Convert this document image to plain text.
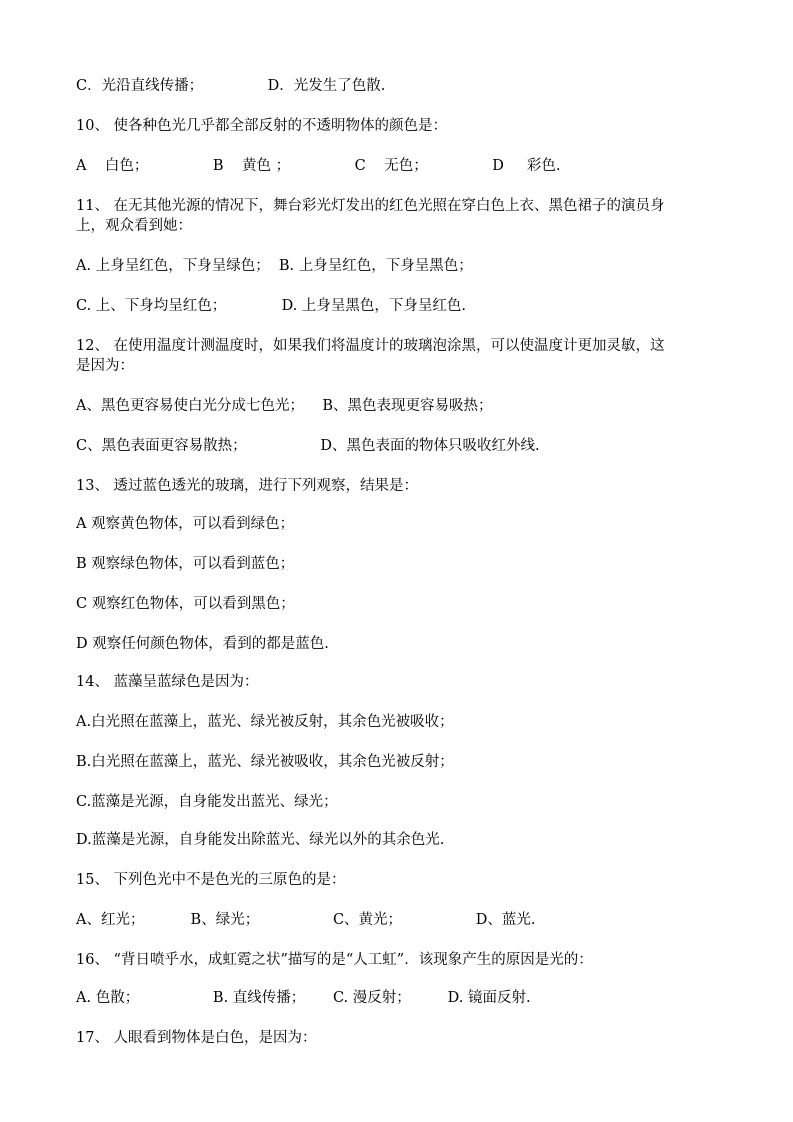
C．光沿直线传播；              D．光发生了色散.
10、 使各种色光几乎都全部反射的不透明物体的颜色是：
A    白色；              B    黄色 ；              C    无色；              D     彩色.
11、 在无其他光源的情况下，舞台彩光灯发出的红色光照在穿白色上衣、黑色裙子的演员身
上，观众看到她：
A. 上身呈红色，下身呈绿色；  B. 上身呈红色，下身呈黑色；
C. 上、下身均呈红色；            D. 上身呈黑色，下身呈红色.
12、 在使用温度计测温度时，如果我们将温度计的玻璃泡涂黑，可以使温度计更加灵敏，这
是因为：
A、黑色更容易使白光分成七色光；    B、黑色表现更容易吸热；
C、黑色表面更容易散热；                D、黑色表面的物体只吸收红外线.
13、 透过蓝色透光的玻璃，进行下列观察，结果是：
A 观察黄色物体，可以看到绿色；
B 观察绿色物体，可以看到蓝色；
C 观察红色物体，可以看到黑色；
D 观察任何颜色物体，看到的都是蓝色.
14、 蓝藻呈蓝绿色是因为：
A.白光照在蓝藻上，蓝光、绿光被反射，其余色光被吸收；
B.白光照在蓝藻上，蓝光、绿光被吸收，其余色光被反射；
C.蓝藻是光源，自身能发出蓝光、绿光；
D.蓝藻是光源，自身能发出除蓝光、绿光以外的其余色光.
15、 下列色光中不是色光的三原色的是：
A、红光；          B、绿光；                C、黄光；                D、蓝光.
16、 “背日喷乎水，成虹霓之状”描写的是“人工虹”．该现象产生的原因是光的：
A. 色散；                B. 直线传播；      C. 漫反射；        D. 镜面反射.
17、 人眼看到物体是白色，是因为：
